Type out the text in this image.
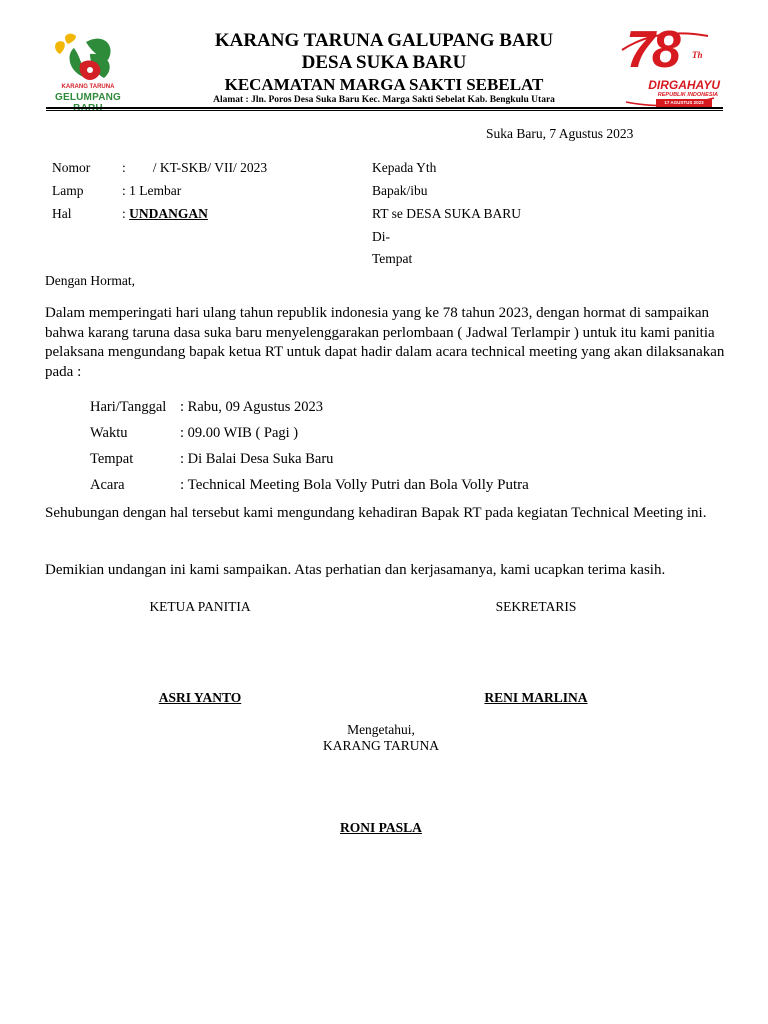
KARANG TARUNA
GELUMPANG BARU
KARANG TARUNA GALUPANG BARU
DESA SUKA BARU
KECAMATAN MARGA SAKTI SEBELAT
Alamat : Jln. Poros Desa Suka Baru Kec. Marga Sakti Sebelat Kab. Bengkulu Utara
78 Th
DIRGAHAYU
REPUBLIK INDONESIA
17 AGUSTUS 2023
Suka Baru, 7 Agustus 2023
Nomor :        / KT-SKB/ VII/ 2023
Lamp	: 1 Lembar
Hal	: UNDANGAN
Kepada Yth
Bapak/ibu
RT se DESA SUKA BARU
Di-
Tempat
Dengan Hormat,
Dalam memperingati hari ulang tahun republik indonesia yang ke 78 tahun 2023, dengan hormat di sampaikan bahwa karang taruna dasa suka baru menyelenggarakan perlombaan ( Jadwal Terlampir ) untuk itu kami panitia pelaksana mengundang bapak ketua RT untuk dapat hadir dalam acara technical meeting yang akan dilaksanakan pada :
Hari/Tanggal : Rabu, 09 Agustus 2023
Waktu	: 09.00 WIB ( Pagi )
Tempat	: Di Balai Desa Suka Baru
Acara	: Technical Meeting Bola Volly Putri dan Bola Volly Putra
Sehubungan dengan hal tersebut kami mengundang kehadiran Bapak RT pada kegiatan Technical Meeting ini.
Demikian undangan ini kami sampaikan. Atas perhatian dan kerjasamanya, kami ucapkan terima kasih.
KETUA PANITIA	SEKRETARIS
ASRI YANTO	RENI MARLINA
Mengetahui,
KARANG TARUNA
RONI PASLA
